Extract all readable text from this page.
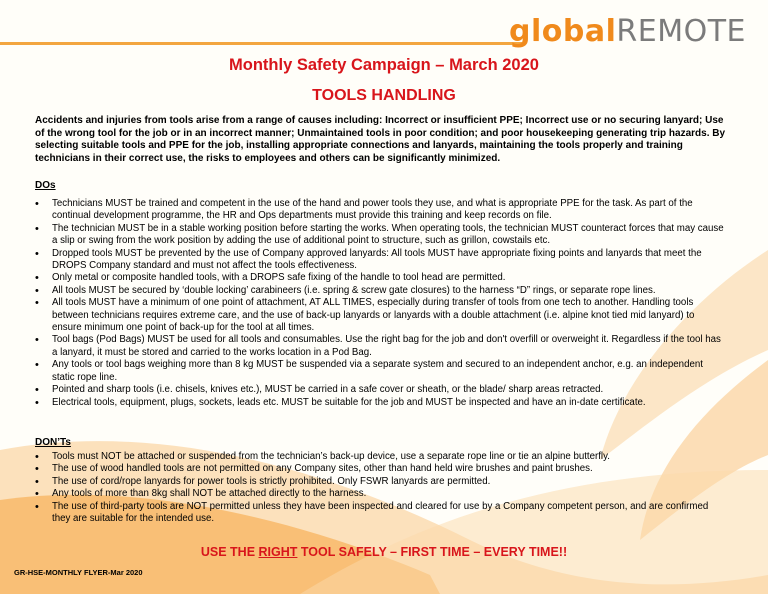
globalREMOTE
Monthly Safety Campaign – March 2020
TOOLS HANDLING
Accidents and injuries from tools arise from a range of causes including: Incorrect or insufficient PPE; Incorrect use or no securing lanyard; Use of the wrong tool for the job or in an incorrect manner; Unmaintained tools in poor condition; and poor housekeeping generating trip hazards. By selecting suitable tools and PPE for the job, installing appropriate connections and lanyards, maintaining the tools properly and training technicians in their correct use, the risks to employees and others can be significantly minimized.
DOs
• Technicians MUST be trained and competent in the use of the hand and power tools they use, and what is appropriate PPE for the task. As part of the continual development programme, the HR and Ops departments must provide this training and keep records on file.
• The technician MUST be in a stable working position before starting the works. When operating tools, the technician MUST counteract forces that may cause a slip or swing from the work position by adding the use of additional point to structure, such as grillon, cowstails etc.
• Dropped tools MUST be prevented by the use of Company approved lanyards: All tools MUST have appropriate fixing points and lanyards that meet the DROPS Company standard and must not affect the tools effectiveness.
• Only metal or composite handled tools, with a DROPS safe fixing of the handle to tool head are permitted.
• All tools MUST be secured by ‘double locking’ carabineers (i.e. spring & screw gate closures) to the harness “D” rings, or separate rope lines.
• All tools MUST have a minimum of one point of attachment, AT ALL TIMES, especially during transfer of tools from one tech to another. Handling tools between technicians requires extreme care, and the use of back-up lanyards or lanyards with a double attachment (i.e. alpine knot tied mid lanyard) to ensure minimum one point of back-up for the tool at all times.
• Tool bags (Pod Bags) MUST be used for all tools and consumables. Use the right bag for the job and don't overfill or overweight it. Regardless if the tool has a lanyard, it must be stored and carried to the works location in a Pod Bag.
• Any tools or tool bags weighing more than 8 kg MUST be suspended via a separate system and secured to an independent anchor, e.g. an independent static rope line.
• Pointed and sharp tools (i.e. chisels, knives etc.), MUST be carried in a safe cover or sheath, or the blade/ sharp areas retracted.
• Electrical tools, equipment, plugs, sockets, leads etc. MUST be suitable for the job and MUST be inspected and have an in-date certificate.
DON’Ts
• Tools must NOT be attached or suspended from the technician’s back-up device, use a separate rope line or tie an alpine butterfly.
• The use of wood handled tools are not permitted on any Company sites, other than hand held wire brushes and paint brushes.
• The use of cord/rope lanyards for power tools is strictly prohibited. Only FSWR lanyards are permitted.
• Any tools of more than 8kg shall NOT be attached directly to the harness.
• The use of third-party tools are NOT permitted unless they have been inspected and cleared for use by a Company competent person, and are confirmed they are suitable for the intended use.
USE THE RIGHT TOOL SAFELY – FIRST TIME – EVERY TIME!!
GR-HSE-MONTHLY FLYER-Mar 2020
